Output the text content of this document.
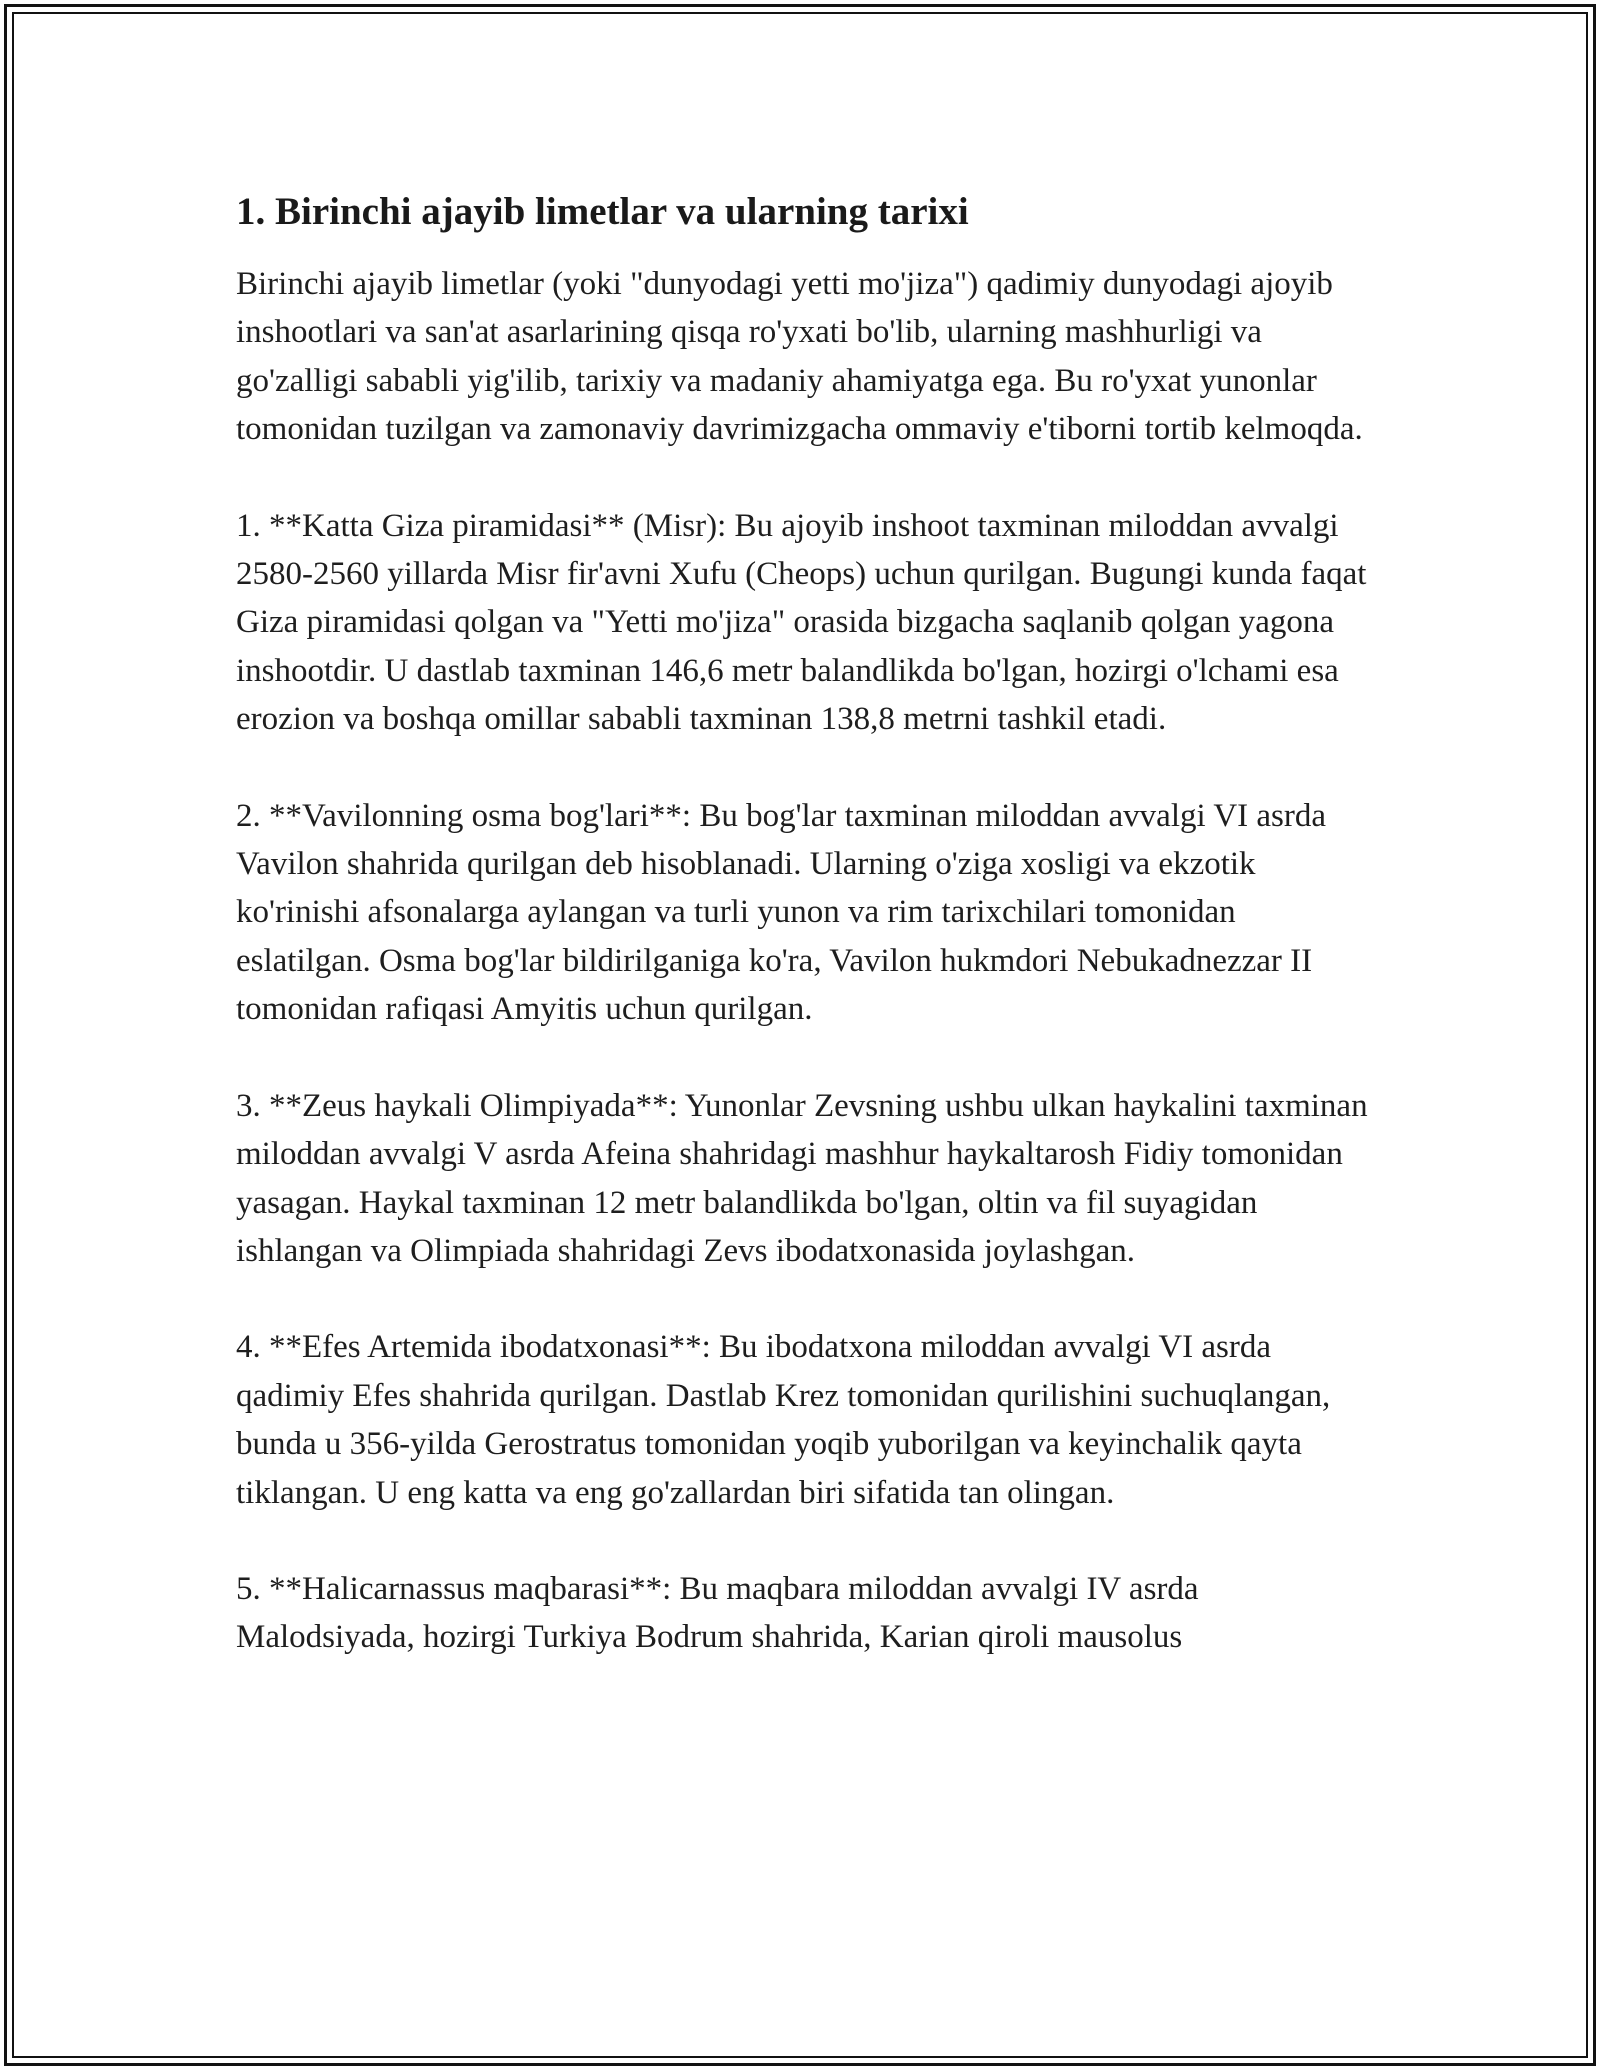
1. Birinchi ajayib limetlar va ularning tarixi

Birinchi ajayib limetlar (yoki "dunyodagi yetti mo'jiza") qadimiy dunyodagi ajoyib inshootlari va san'at asarlarining qisqa ro'yxati bo'lib, ularning mashhurligi va go'zalligi sababli yig'ilib, tarixiy va madaniy ahamiyatga ega. Bu ro'yxat yunonlar tomonidan tuzilgan va zamonaviy davrimizgacha ommaviy e'tiborni tortib kelmoqda.

1. **Katta Giza piramidasi** (Misr): Bu ajoyib inshoot taxminan miloddan avvalgi 2580-2560 yillarda Misr fir'avni Xufu (Cheops) uchun qurilgan. Bugungi kunda faqat Giza piramidasi qolgan va "Yetti mo'jiza" orasida bizgacha saqlanib qolgan yagona inshootdir. U dastlab taxminan 146,6 metr balandlikda bo'lgan, hozirgi o'lchami esa erozion va boshqa omillar sababli taxminan 138,8 metrni tashkil etadi.

2. **Vavilonning osma bog'lari**: Bu bog'lar taxminan miloddan avvalgi VI asrda Vavilon shahrida qurilgan deb hisoblanadi. Ularning o'ziga xosligi va ekzotik ko'rinishi afsonalarga aylangan va turli yunon va rim tarixchilari tomonidan eslatilgan. Osma bog'lar bildirilganiga ko'ra, Vavilon hukmdori Nebukadnezzar II tomonidan rafiqasi Amyitis uchun qurilgan.

3. **Zeus haykali Olimpiyada**: Yunonlar Zevsning ushbu ulkan haykalini taxminan miloddan avvalgi V asrda Afeina shahridagi mashhur haykaltarosh Fidiy tomonidan yasagan. Haykal taxminan 12 metr balandlikda bo'lgan, oltin va fil suyagidan ishlangan va Olimpiada shahridagi Zevs ibodatxonasida joylashgan.

4. **Efes Artemida ibodatxonasi**: Bu ibodatxona miloddan avvalgi VI asrda qadimiy Efes shahrida qurilgan. Dastlab Krez tomonidan qurilishini suchuqlangan, bunda u 356-yilda Gerostratus tomonidan yoqib yuborilgan va keyinchalik qayta tiklangan. U eng katta va eng go'zallardan biri sifatida tan olingan.

5. **Halicarnassus maqbarasi**: Bu maqbara miloddan avvalgi IV asrda Malodsiyada, hozirgi Turkiya Bodrum shahrida, Karian qiroli mausolus
